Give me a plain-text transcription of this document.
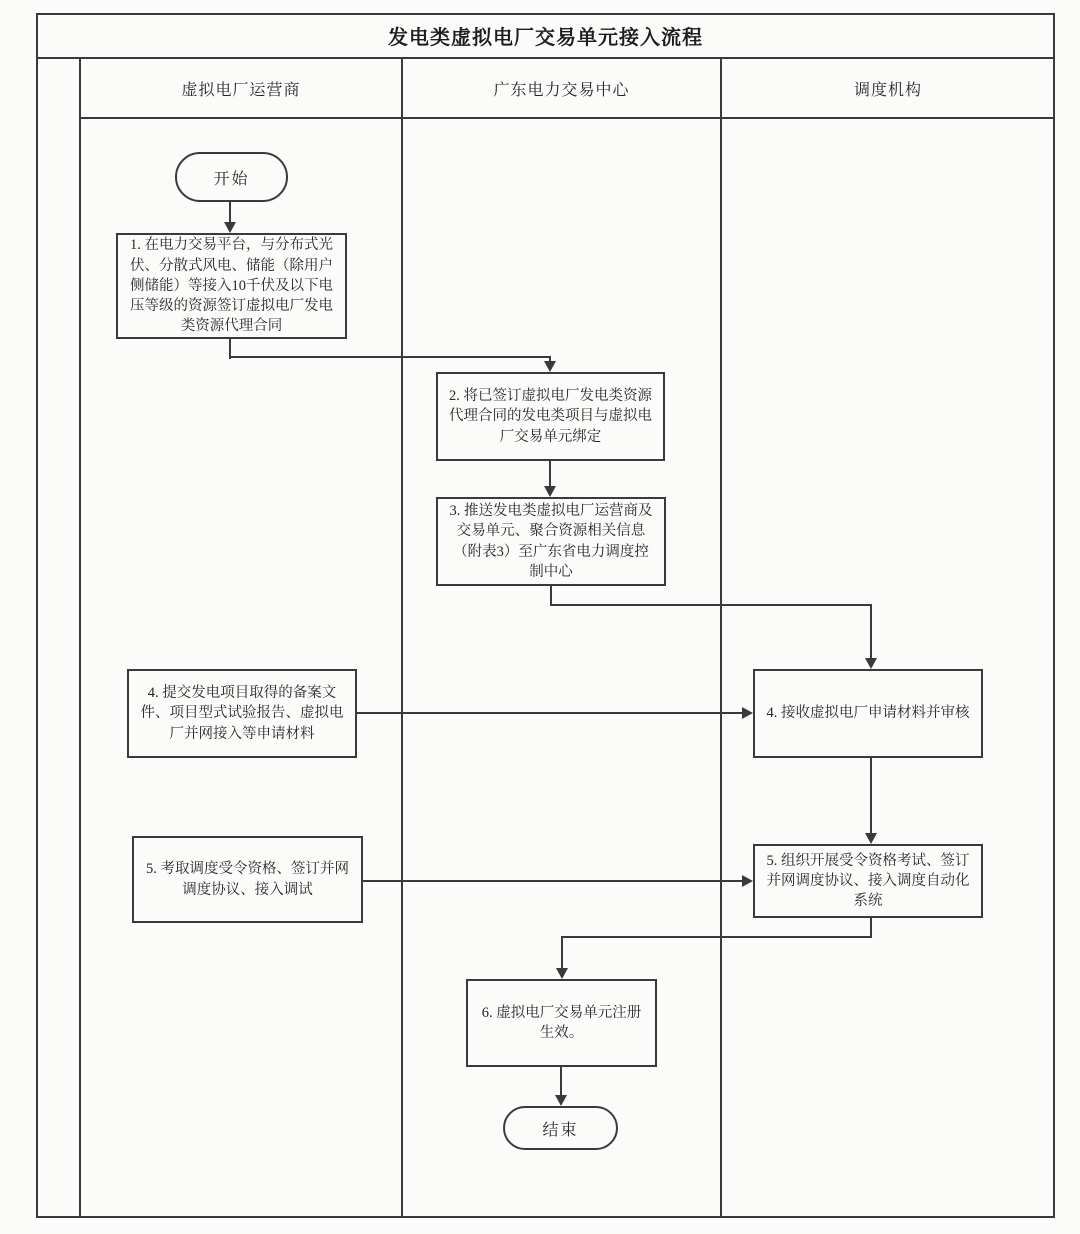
发电类虚拟电厂交易单元接入流程
虚拟电厂运营商	广东电力交易中心	调度机构
开始
1. 在电力交易平台，与分布式光伏、分散式风电、储能（除用户侧储能）等接入10千伏及以下电压等级的资源签订虚拟电厂发电类资源代理合同
2. 将已签订虚拟电厂发电类资源代理合同的发电类项目与虚拟电厂交易单元绑定
3. 推送发电类虚拟电厂运营商及交易单元、聚合资源相关信息（附表3）至广东省电力调度控制中心
4. 提交发电项目取得的备案文件、项目型式试验报告、虚拟电厂并网接入等申请材料
4. 接收虚拟电厂申请材料并审核
5. 考取调度受令资格、签订并网调度协议、接入调试
5. 组织开展受令资格考试、签订并网调度协议、接入调度自动化系统
6. 虚拟电厂交易单元注册生效。
结束
